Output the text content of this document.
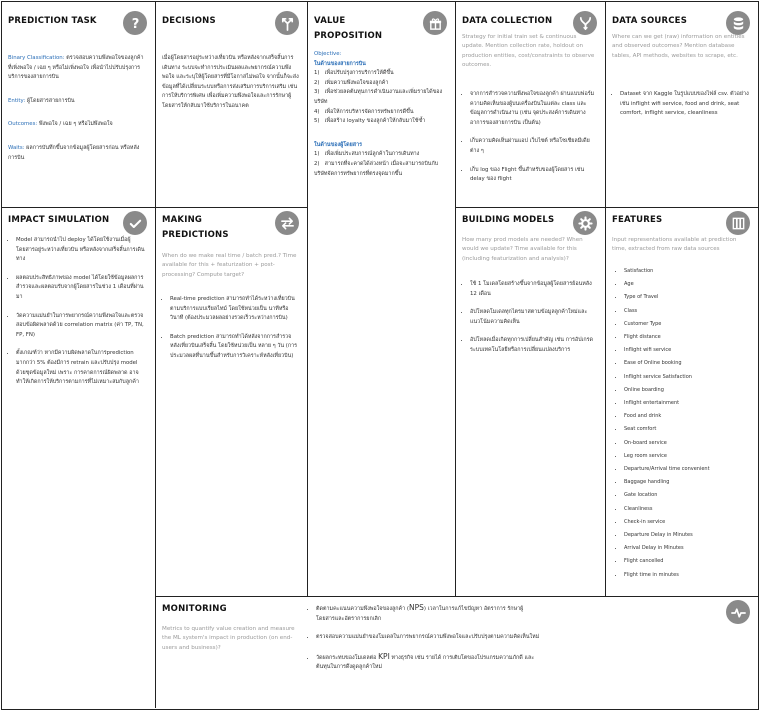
PREDICTION TASK ?

Binary Classification: ตรวจสอบความพึงพอใจของลูกค้าที่เพิ่งพอใจ / เฉย ๆ หรือไม่เพิ่งพอใจ เพื่อนำไปปรับปรุงการบริการของสายการบิน

Entity: ผู้โดยสารสายการบิน

Outcomes: พึงพอใจ / เฉย ๆ หรือไม่พึงพอใจ

Waits: ผลการบันทึกขึ้นจากข้อมูลผู้โดยสารก่อน หรือหลังการบิน

DECISIONS
เมื่อผู้โดยสารอยู่ระหว่างเที่ยวบิน หรือหลังจากเสร็จสิ้นการเดินทาง ระบบจะทำการประเมินผลและพยากรณ์ความพึงพอใจ และระบุให้ผู้โดยสารที่มีโอกาสไม่พอใจ จากนั้นก็จะส่งข้อมูลที่ได้เปลี่ยนระบบหรือการส่งเสริมการบริการเสริม เช่น การให้บริการพิเศษ เพื่อเพิ่มความพึงพอใจและการรักษาผู้โดยสารให้กลับมาใช้บริการในอนาคต
VALUE
PROPOSITION
Objective:
ในด้านของสายการบิน
1)   เพื่อปรับปรุงการบริการให้ดีขึ้น
2)   เพิ่มความพึงพอใจของลูกค้า
3)   เพื่อช่วยลดต้นทุนการดำเนินงานและเพิ่มรายได้ของบริษัท
4)   เพื่อให้การบริหารจัดการทรัพยากรดีขึ้น
5)   เพื่อสร้าง loyalty ของลูกค้าให้กลับมาใช้ซ้ำ
ในด้านของผู้โดยสาร
1)   เพื่อเพิ่มประสบการณ์ลูกค้าในการเดินทาง
2)   สามารถที่จะคาดได้ล่วงหน้า เมื่อจะสามารถบินกับบริษัทจัดการทรัพยากรที่ตรงจุดมากขึ้น
DATA COLLECTION
Strategy for initial train set & continuous update. Mention collection rate, holdout on production entities, cost/constraints to observe outcomes.
• จากการสำรวจความพึงพอใจของลูกค้า ผ่านแบบฟอร์มความคิดเห็นของผู้บนเครื่องบินในแต่ละ class และข้อมูลการดำเนินงาน (เช่น จุดประสงค์การเดินทาง อาการของสายการบิน เป็นต้น)
• เก็บความคิดเห็นผ่านแอป เว็บไซต์ หรือโซเชียลมีเดีย ต่าง ๆ
• เก็บ log ของ Flight ขึ้นสำหรับของผู้โดยสาร เช่น delay ของ flight
DATA SOURCES
Where can we get (raw) information on entities and observed outcomes? Mention database tables, API methods, websites to scrape, etc.
• Dataset จาก Kaggle ในรูปแบบของไฟล์ csv. ตัวอย่างเช่น inflight wifi service, food and drink, seat comfort, inflight service, cleanliness
IMPACT SIMULATION
• Model สามารถนำไป deploy ได้โดยใช้งานเมื่อผู้โดยสารอยู่ระหว่างเที่ยวบิน หรือหลังจากเสร็จสิ้นการเดินทาง
• ผลตอบประสิทธิภาพของ model ได้โดยใช้ข้อมูลผลการสำรวจและผลตอบรับจากผู้โดยสารในช่วง 1 เดือนที่ผ่านมา
• วัดความแม่นยำในการพยากรณ์ความพึงพอใจและตรวจสอบข้อผิดพลาดด้วย correlation matrix (ค่า TP, TN, FP, FN)
• ตั้งเกณฑ์ว่า หากมีความผิดพลาดในการprediction มากกว่า 5% ต้องมีการ retrain และปรับปรุง model ด้วยชุดข้อมูลใหม่ เพราะ การคาดการณ์ผิดพลาด อาจทำให้เกิดการให้บริการตามการที่ไม่เหมาะสมกับลูกค้า
MAKING
PREDICTIONS
When do we make real time / batch pred.? Time available for this + featurization + post-processing? Compute target?
• Real-time prediction สามารถทำได้ระหว่างเที่ยวบินตามบริการแบบเรียลไทม์ โดยใช้หน่วยเป็น นาทีหรือวินาที (ต้องประมวลผลอย่างรวดเร็วระหว่างการบิน)
• Batch prediction สามารถทำได้หลังจากการสำรวจหลังเที่ยวบินเสร็จสิ้น โดยใช้หน่วยเป็น หลาย ๆ วัน (การประมวลผลที่นานขึ้นสำหรับการวิเคราะห์หลังเที่ยวบิน)
BUILDING MODELS
How many prod models are needed? When would we update? Time available for this (including featurization and analysis)?
• ใช้ 1 โมเดลโดยสร้างขึ้นจากข้อมูลผู้โดยสารย้อนหลัง 12 เดือน
• อัปโหลดโมเดลทุกไตรมาสตามข้อมูลลูกค้าใหม่และแนวโน้มความคิดเห็น
• อัปโหลดเมื่อเกิดทุกการเปลี่ยนสำคัญ เช่น การอัปเกรดระบบเทคโนโลยีหรือการเปลี่ยนแปลงบริการ
FEATURES
Input representations available at prediction time, extracted from raw data sources
• Satisfaction
• Age
• Type of Travel
• Class
• Customer Type
• Flight distance
• Inflight wifi service
• Ease of Online booking
• Inflight service Satisfaction
• Online boarding
• Inflight entertainment
• Food and drink
• Seat comfort
• On-board service
• Leg room service
• Departure/Arrival time convenient
• Baggage handling
• Gate location
• Cleanliness
• Check-in service
• Departure Delay in Minutes
• Arrival Delay in Minutes
• Flight cancelled
• Flight time in minutes
MONITORING
Metrics to quantify value creation and measure the ML system's impact in production (on end-users and business)?
• ติดตามคะแนนความพึงพอใจของลูกค้า (NPS) เวลาในการแก้ไขปัญหา อัตราการ รักษาผู้โดยสารและอัตราการยกเลิก
• ตรวจสอบความแม่นยำของโมเดลในการพยากรณ์ความพึงพอใจและปรับปรุงตามความคิดเห็นใหม่
• วัดผลกระทบของโมเดลต่อ KPI ทางธุรกิจ เช่น รายได้ การเติบโตของโปรแกรมความภักดี และต้นทุนในการดึงดูดลูกค้าใหม่
